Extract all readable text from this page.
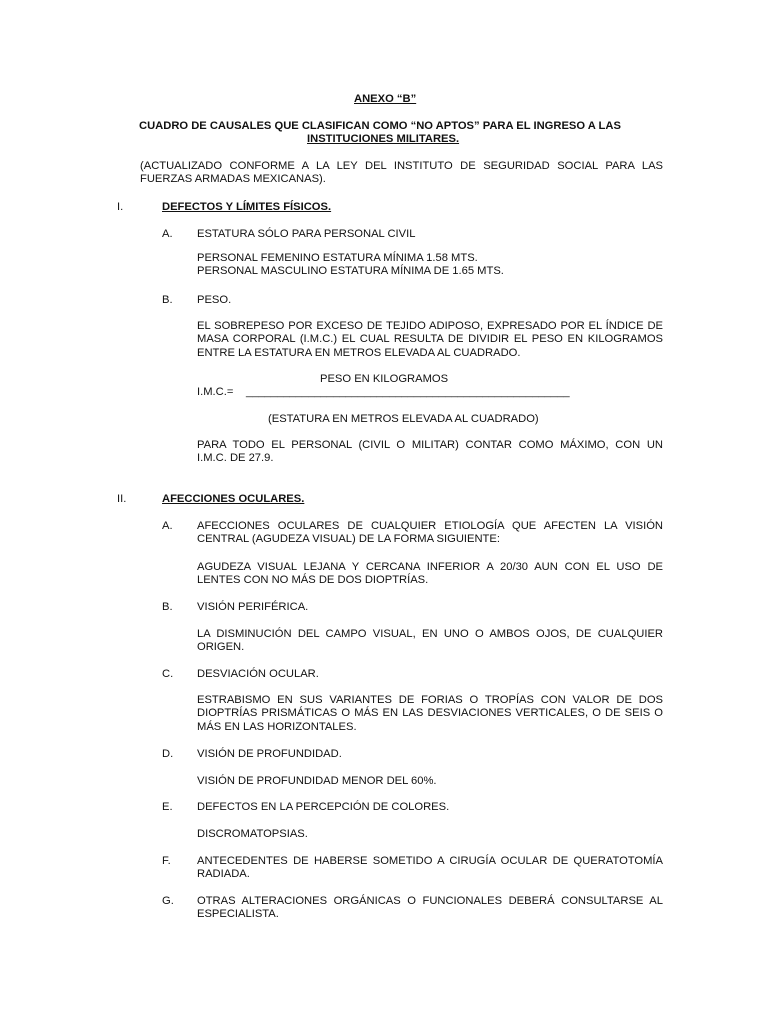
ANEXO “B”

CUADRO DE CAUSALES QUE CLASIFICAN COMO “NO APTOS” PARA EL INGRESO A LAS

INSTITUCIONES MILITARES.

(ACTUALIZADO CONFORME A LA LEY DEL INSTITUTO DE SEGURIDAD SOCIAL PARA LAS
FUERZAS ARMADAS MEXICANAS).

I.	DEFECTOS Y LÍMITES FÍSICOS.

A. ESTATURA SÓLO PARA PERSONAL CIVIL

PERSONAL FEMENINO ESTATURA MÍNIMA 1.58 MTS.

PERSONAL MASCULINO ESTATURA MÍNIMA DE 1.65 MTS.

B. PESO.

EL SOBREPESO POR EXCESO DE TEJIDO ADIPOSO, EXPRESADO POR EL ÍNDICE DE
MASA CORPORAL (I.M.C.) EL CUAL RESULTA DE DIVIDIR EL PESO EN KILOGRAMOS
ENTRE LA ESTATURA EN METROS ELEVADA AL CUADRADO.

PESO EN KILOGRAMOS

I.M.C.= ____________________________________________________

(ESTATURA EN METROS ELEVADA AL CUADRADO)

PARA TODO EL PERSONAL (CIVIL O MILITAR) CONTAR COMO MÁXIMO, CON UN
I.M.C. DE 27.9.

II.	AFECCIONES OCULARES.

A. AFECCIONES OCULARES DE CUALQUIER ETIOLOGÍA QUE AFECTEN LA VISIÓN
CENTRAL (AGUDEZA VISUAL) DE LA FORMA SIGUIENTE:
AGUDEZA VISUAL LEJANA Y CERCANA INFERIOR A 20/30 AUN CON EL USO DE
LENTES CON NO MÁS DE DOS DIOPTRÍAS.

B. VISIÓN PERIFÉRICA.

LA DISMINUCIÓN DEL CAMPO VISUAL, EN UNO O AMBOS OJOS, DE CUALQUIER
ORIGEN.

C. DESVIACIÓN OCULAR.

ESTRABISMO EN SUS VARIANTES DE FORIAS O TROPÍAS CON VALOR DE DOS
DIOPTRÍAS PRISMÁTICAS O MÁS EN LAS DESVIACIONES VERTICALES, O DE SEIS O
MÁS EN LAS HORIZONTALES.

D. VISIÓN DE PROFUNDIDAD.

VISIÓN DE PROFUNDIDAD MENOR DEL 60%.

E. DEFECTOS EN LA PERCEPCIÓN DE COLORES.

DISCROMATOPSIAS.

F. ANTECEDENTES DE HABERSE SOMETIDO A CIRUGÍA OCULAR DE QUERATOTOMÍA
RADIADA.

G. OTRAS ALTERACIONES ORGÁNICAS O FUNCIONALES DEBERÁ CONSULTARSE AL
ESPECIALISTA.
